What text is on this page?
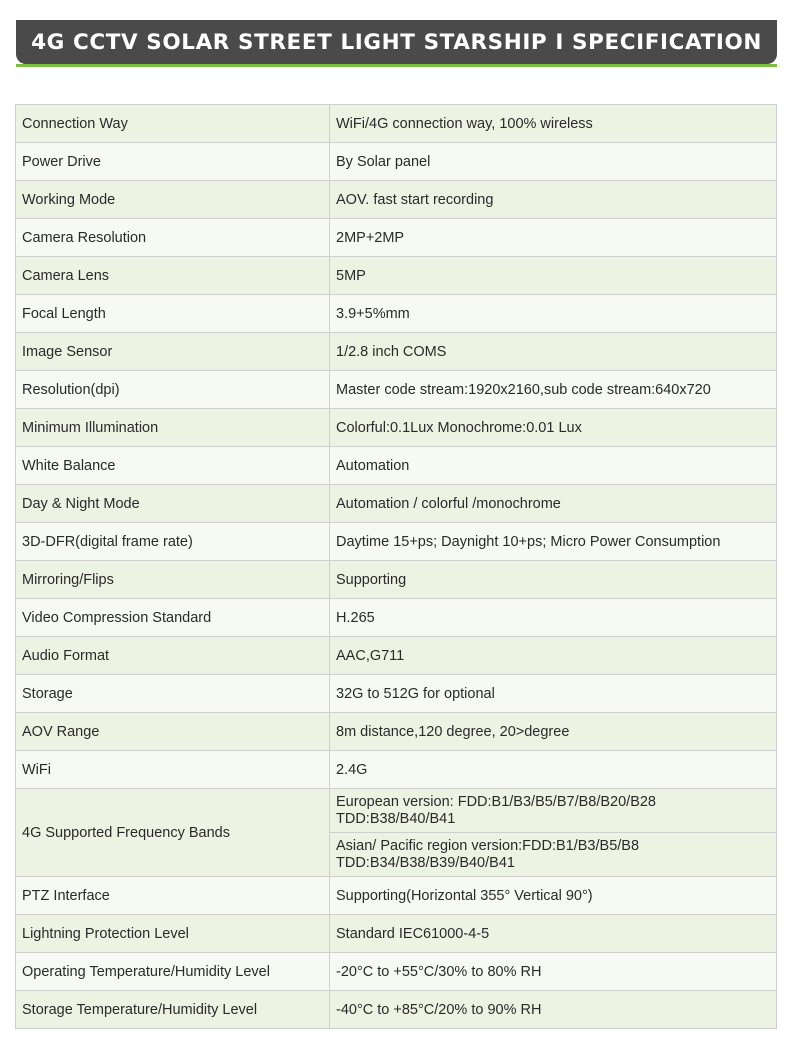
4G CCTV SOLAR STREET LIGHT STARSHIP I SPECIFICATION
Connection Way	WiFi/4G connection way, 100% wireless
Power Drive	By Solar panel
Working Mode	AOV. fast start recording
Camera Resolution	2MP+2MP
Camera Lens	5MP
Focal Length	3.9+5%mm
Image Sensor	1/2.8 inch COMS
Resolution(dpi)	Master code stream:1920x2160,sub code stream:640x720
Minimum Illumination	Colorful:0.1Lux Monochrome:0.01 Lux
White Balance	Automation
Day & Night Mode	Automation / colorful /monochrome
3D-DFR(digital frame rate)	Daytime 15+ps; Daynight 10+ps; Micro Power Consumption
Mirroring/Flips	Supporting
Video Compression Standard	H.265
Audio Format	AAC,G711
Storage	32G to 512G for optional
AOV Range	8m distance,120 degree, 20>degree
WiFi	2.4G
4G Supported Frequency Bands	European version: FDD:B1/B3/B5/B7/B8/B20/B28
TDD:B38/B40/B41

	Asian/ Pacific region version:FDD:B1/B3/B5/B8
TDD:B34/B38/B39/B40/B41

PTZ Interface	Supporting(Horizontal 355° Vertical 90°)
Lightning Protection Level	Standard IEC61000-4-5
Operating Temperature/Humidity Level	-20°C to +55°C/30% to 80% RH
Storage Temperature/Humidity Level	-40°C to +85°C/20% to 90% RH
